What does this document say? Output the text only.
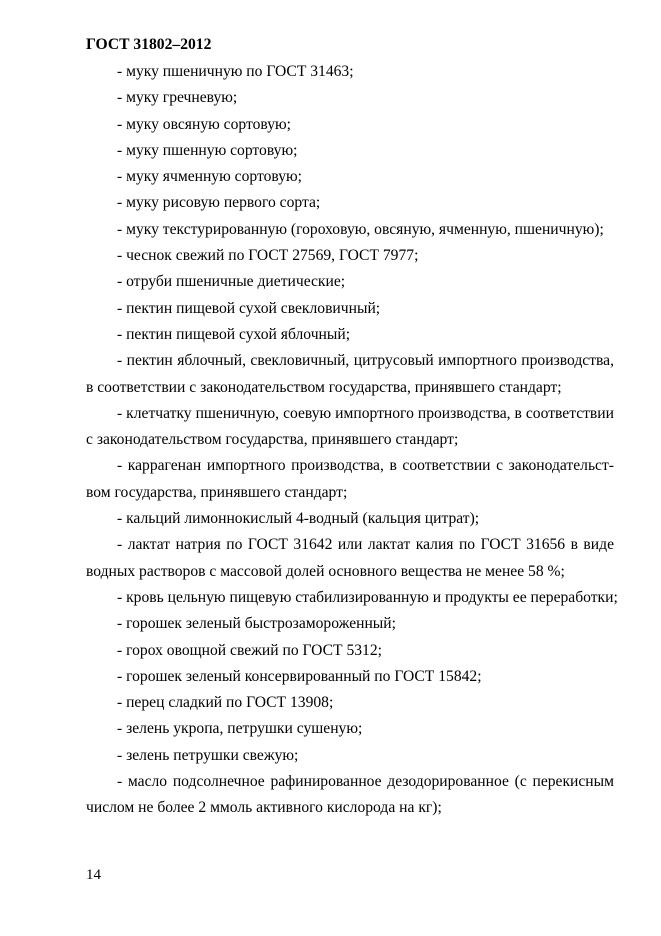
ГОСТ 31802–2012
- муку пшеничную по ГОСТ 31463;
- муку гречневую;
- муку овсяную сортовую;
- муку пшенную сортовую;
- муку ячменную сортовую;
- муку рисовую первого сорта;
- муку текстурированную (гороховую, овсяную, ячменную, пшеничную);
- чеснок свежий по ГОСТ 27569, ГОСТ 7977;
- отруби пшеничные диетические;
- пектин пищевой сухой свекловичный;
- пектин пищевой сухой яблочный;
- пектин яблочный, свекловичный, цитрусовый импортного производства,
в соответствии с законодательством государства, принявшего стандарт;
- клетчатку пшеничную, соевую импортного производства, в соответствии
с законодательством государства, принявшего стандарт;
- каррагенан импортного производства, в соответствии с законодательст-
вом государства, принявшего стандарт;
- кальций лимоннокислый 4-водный (кальция цитрат);
- лактат натрия по ГОСТ 31642 или лактат калия по ГОСТ 31656 в виде
водных растворов с массовой долей основного вещества не менее 58 %;
- кровь цельную пищевую стабилизированную и продукты ее переработки;
- горошек зеленый быстрозамороженный;
- горох овощной свежий по ГОСТ 5312;
- горошек зеленый консервированный по ГОСТ 15842;
- перец сладкий по ГОСТ 13908;
- зелень укропа, петрушки сушеную;
- зелень петрушки свежую;
- масло подсолнечное рафинированное дезодорированное (с перекисным
числом не более 2 ммоль активного кислорода на кг);
14
